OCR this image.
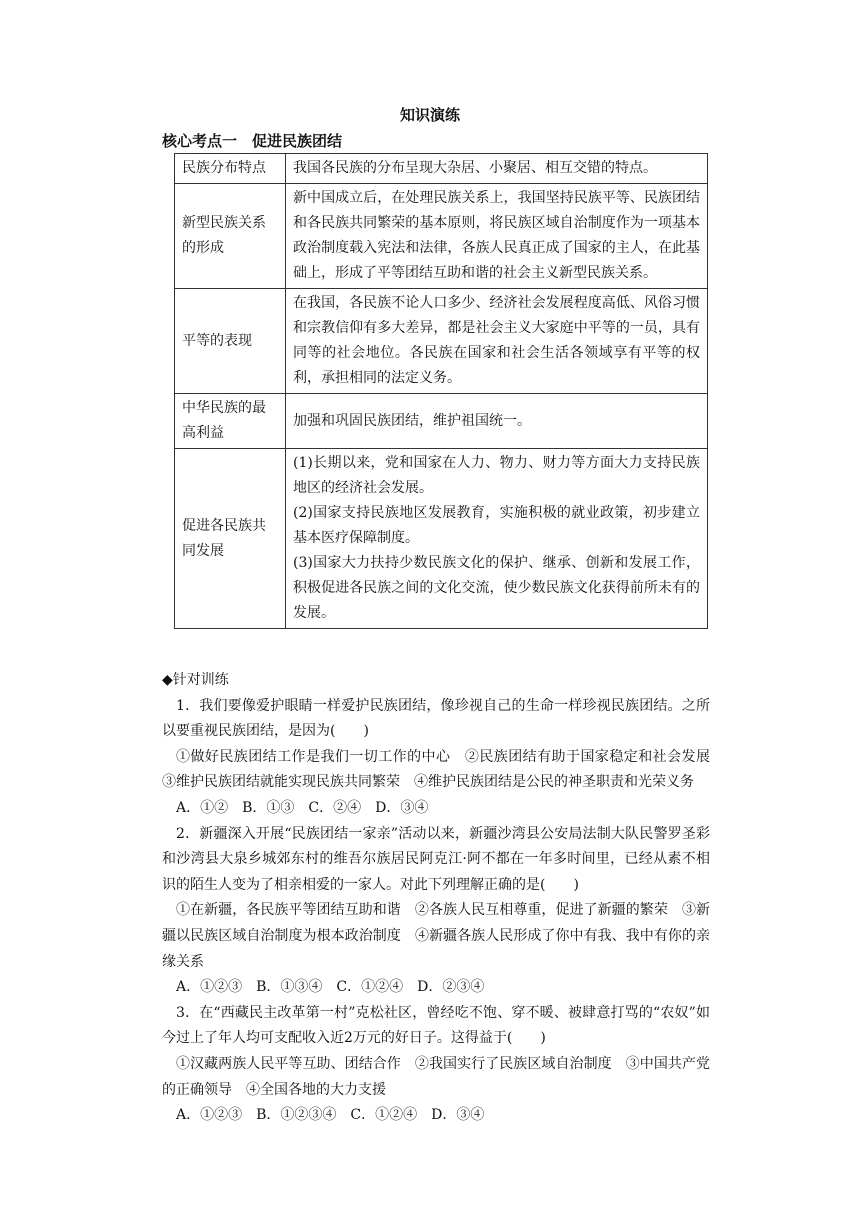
知识演练
核心考点一　促进民族团结
民族分布特点	我国各民族的分布呈现大杂居、小聚居、相互交错的特点。
新型民族关系的形成	新中国成立后，在处理民族关系上，我国坚持民族平等、民族团结和各民族共同繁荣的基本原则，将民族区域自治制度作为一项基本政治制度载入宪法和法律，各族人民真正成了国家的主人，在此基础上，形成了平等团结互助和谐的社会主义新型民族关系。
平等的表现	在我国，各民族不论人口多少、经济社会发展程度高低、风俗习惯和宗教信仰有多大差异，都是社会主义大家庭中平等的一员，具有同等的社会地位。各民族在国家和社会生活各领域享有平等的权利，承担相同的法定义务。
中华民族的最高利益	加强和巩固民族团结，维护祖国统一。
促进各民族共同发展	(1)长期以来，党和国家在人力、物力、财力等方面大力支持民族地区的经济社会发展。
(2)国家支持民族地区发展教育，实施积极的就业政策，初步建立基本医疗保障制度。
(3)国家大力扶持少数民族文化的保护、继承、创新和发展工作，积极促进各民族之间的文化交流，使少数民族文化获得前所未有的发展。

◆针对训练

1．我们要像爱护眼睛一样爱护民族团结，像珍视自己的生命一样珍视民族团结。之所以要重视民族团结，是因为(　　)

①做好民族团结工作是我们一切工作的中心　②民族团结有助于国家稳定和社会发展　③维护民族团结就能实现民族共同繁荣　④维护民族团结是公民的神圣职责和光荣义务

A．①②　B．①③　C．②④　D．③④

2．新疆深入开展“民族团结一家亲”活动以来，新疆沙湾县公安局法制大队民警罗圣彩和沙湾县大泉乡城郊东村的维吾尔族居民阿克江·阿不都在一年多时间里，已经从素不相识的陌生人变为了相亲相爱的一家人。对此下列理解正确的是(　　)

①在新疆，各民族平等团结互助和谐　②各族人民互相尊重，促进了新疆的繁荣　③新疆以民族区域自治制度为根本政治制度　④新疆各族人民形成了你中有我、我中有你的亲缘关系

A．①②③　B．①③④　C．①②④　D．②③④

3．在“西藏民主改革第一村”克松社区，曾经吃不饱、穿不暖、被肆意打骂的“农奴”如今过上了年人均可支配收入近2万元的好日子。这得益于(　　)

①汉藏两族人民平等互助、团结合作　②我国实行了民族区域自治制度　③中国共产党的正确领导　④全国各地的大力支援

A．①②③　B．①②③④　C．①②④　D．③④
